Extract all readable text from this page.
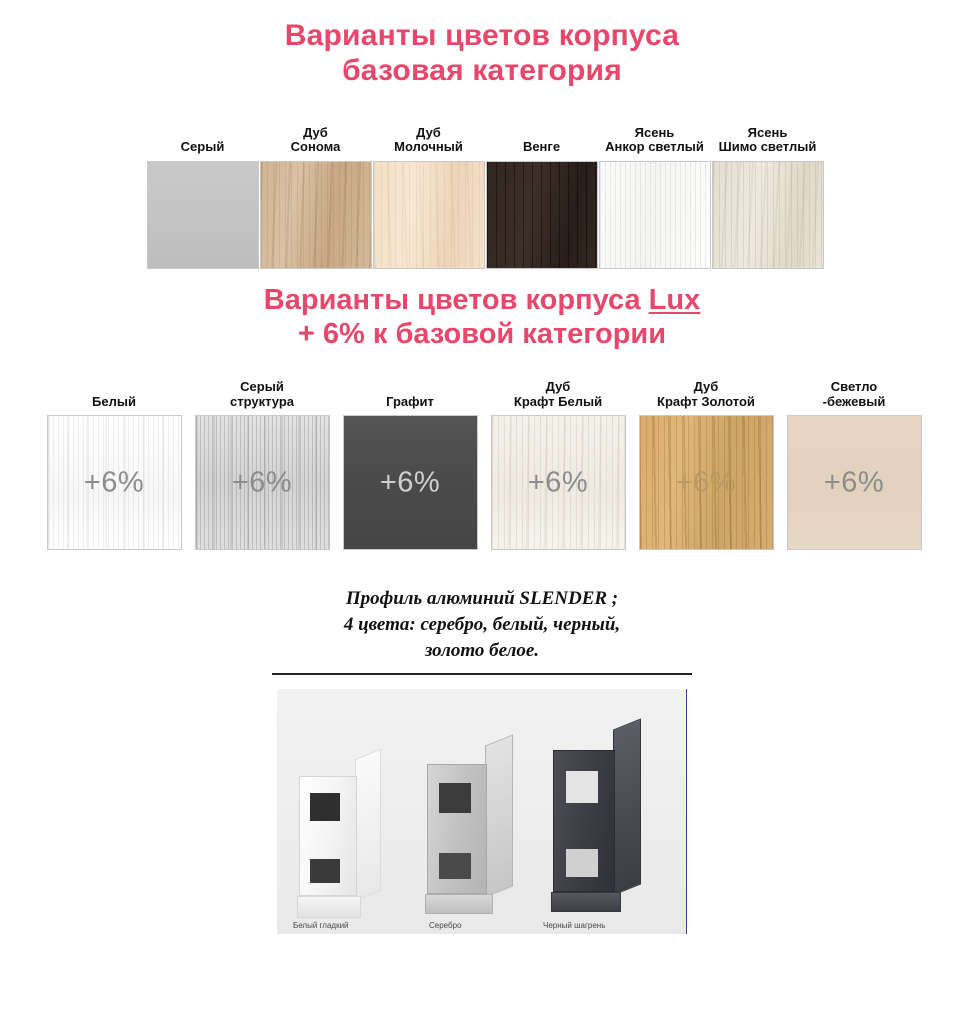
Варианты цветов корпуса
базовая категория
Серый
Дуб
Сонома
Дуб
Молочный	Венге
Ясень
Анкор светлый
Ясень
Шимо светлый
Варианты цветов корпуса Lux
+ 6% к базовой категории
Белый
+6%
Серый
структура
+6%
Графит
+6%
Дуб
Крафт Белый
+6%
Дуб
Крафт Золотой
+6%
Светло
-бежевый
+6%
Профиль алюминий SLENDER ;
4 цвета: серебро, белый, черный,
золото белое.
Белый гладкий	Серебро	Черный шагрень
